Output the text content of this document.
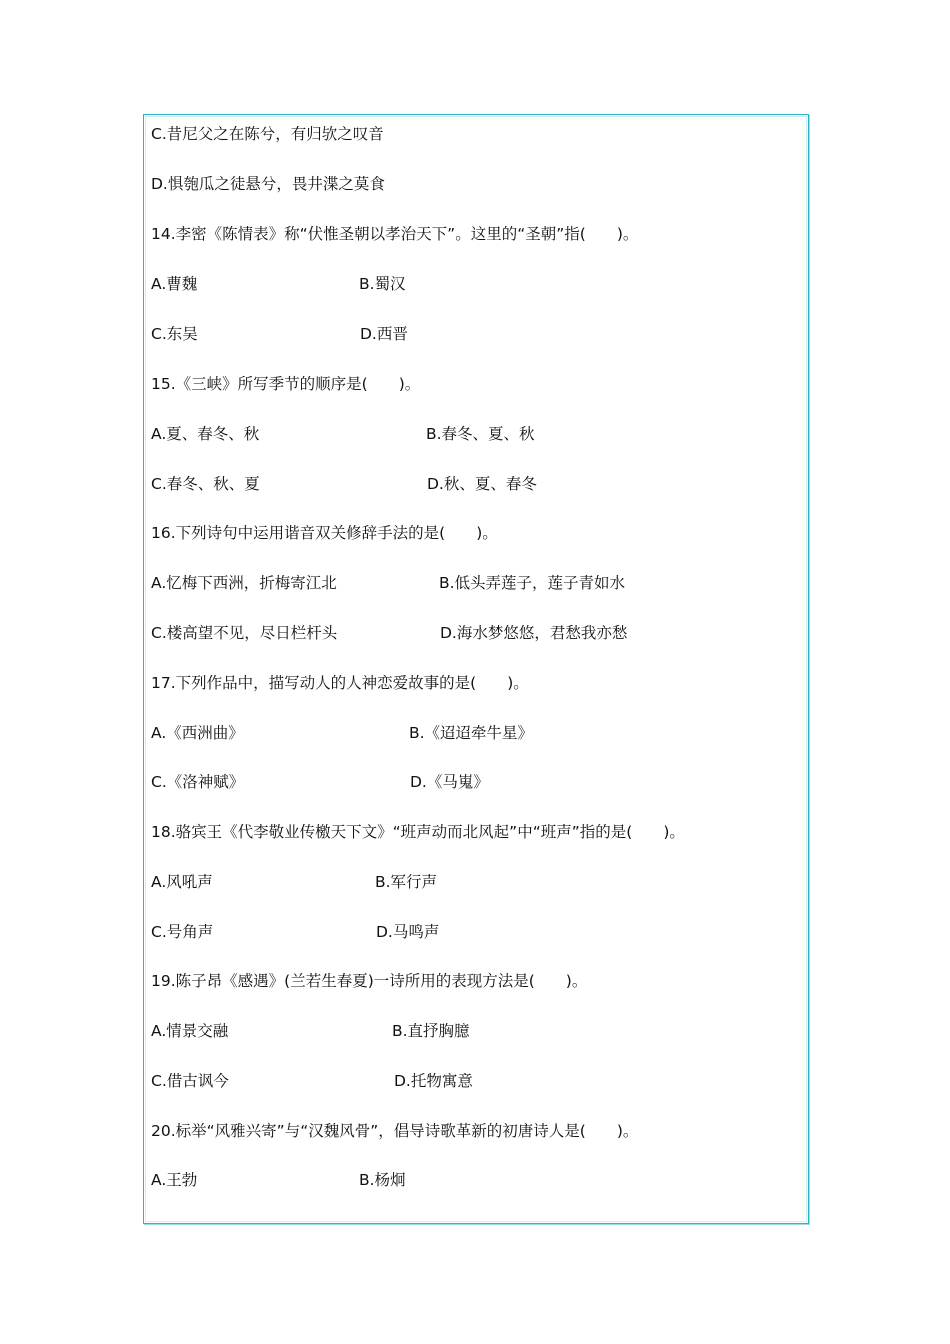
C.昔尼父之在陈兮，有归欤之叹音
D.惧匏瓜之徒悬兮，畏井渫之莫食
14.李密《陈情表》称“伏惟圣朝以孝治天下”。这里的“圣朝”指(　　)。
A.曹魏	B.蜀汉
C.东吴	D.西晋
15.《三峡》所写季节的顺序是(　　)。
A.夏、春冬、秋	B.春冬、夏、秋
C.春冬、秋、夏	D.秋、夏、春冬
16.下列诗句中运用谐音双关修辞手法的是(　　)。
A.忆梅下西洲，折梅寄江北	B.低头弄莲子，莲子青如水
C.楼高望不见，尽日栏杆头	D.海水梦悠悠，君愁我亦愁
17.下列作品中，描写动人的人神恋爱故事的是(　　)。
A.《西洲曲》	B.《迢迢牵牛星》
C.《洛神赋》	D.《马嵬》
18.骆宾王《代李敬业传檄天下文》“班声动而北风起”中“班声”指的是(　　)。
A.风吼声	B.军行声
C.号角声	D.马鸣声
19.陈子昂《感遇》(兰若生春夏)一诗所用的表现方法是(　　)。
A.情景交融	B.直抒胸臆
C.借古讽今	D.托物寓意
20.标举“风雅兴寄”与“汉魏风骨”，倡导诗歌革新的初唐诗人是(　　)。
A.王勃	B.杨炯
